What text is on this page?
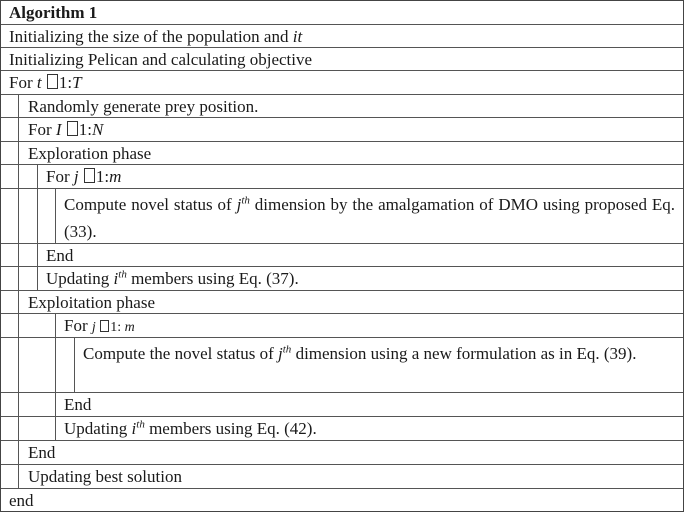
Algorithm 1
Initializing the size of the population and it
Initializing Pelican and calculating objective
For t 1:T
Randomly generate prey position.
For I 1:N
Exploration phase
For j 1:m
Compute novel status of $j^{th}$ dimension by the amalgamation of DMO using proposed Eq. (33).
End
Updating $i^{th}$ members using Eq. (37).
Exploitation phase
For j 1: m
Compute the novel status of $j^{th}$ dimension using a new formulation as in Eq. (39).
End
Updating $i^{th}$ members using Eq. (42).
End
Updating best solution
end
